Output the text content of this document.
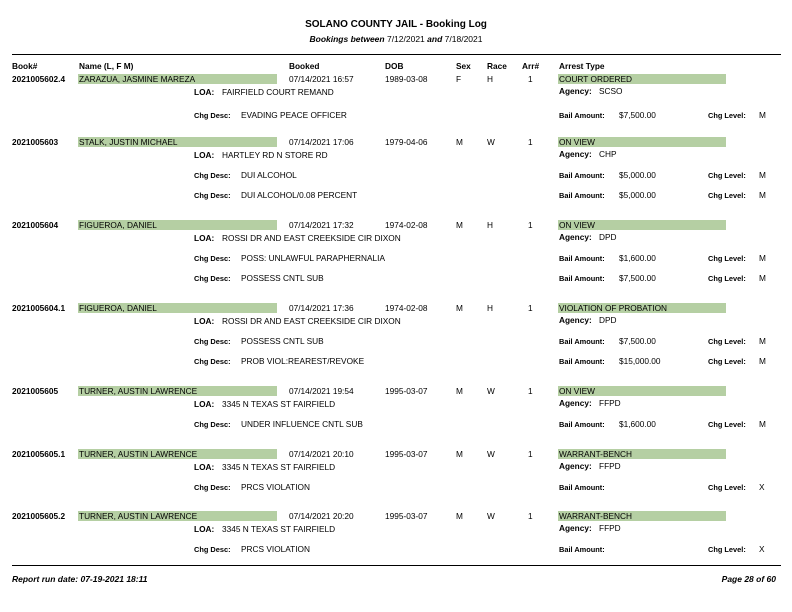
SOLANO COUNTY JAIL - Booking Log
Bookings between 7/12/2021 and 7/18/2021
Book#	Name (L, F M)	Booked	DOB	Sex Race Arr# Arrest Type
2021005602.4 ZARAZUA, JASMINE MAREZA	07/14/2021 16:57	1989-03-08	F	H	1	COURT ORDERED
LOA: FAIRFIELD COURT REMAND	Agency: SCSO
Chg Desc: EVADING PEACE OFFICER	Bail Amount: $7,500.00	Chg Level: M
2021005603	STALK, JUSTIN MICHAEL	07/14/2021 17:06	1979-04-06	M	W	1	ON VIEW
LOA: HARTLEY RD N STORE RD	Agency: CHP
Chg Desc: DUI ALCOHOL	Bail Amount: $5,000.00	Chg Level: M
Chg Desc: DUI ALCOHOL/0.08 PERCENT	Bail Amount: $5,000.00	Chg Level: M
2021005604	FIGUEROA, DANIEL	07/14/2021 17:32	1974-02-08	M	H	1	ON VIEW
LOA: ROSSI DR AND EAST CREEKSIDE CIR DIXON	Agency: DPD
Chg Desc: POSS: UNLAWFUL PARAPHERNALIA	Bail Amount: $1,600.00	Chg Level: M
Chg Desc: POSSESS CNTL SUB	Bail Amount: $7,500.00	Chg Level: M
2021005604.1 FIGUEROA, DANIEL	07/14/2021 17:36	1974-02-08	M	H	1	VIOLATION OF PROBATION
LOA: ROSSI DR AND EAST CREEKSIDE CIR DIXON	Agency: DPD
Chg Desc: POSSESS CNTL SUB	Bail Amount: $7,500.00	Chg Level: M
Chg Desc: PROB VIOL:REAREST/REVOKE	Bail Amount: $15,000.00	Chg Level: M
2021005605	TURNER, AUSTIN LAWRENCE	07/14/2021 19:54	1995-03-07	M	W	1	ON VIEW
LOA: 3345 N TEXAS ST FAIRFIELD	Agency: FFPD
Chg Desc: UNDER INFLUENCE CNTL SUB	Bail Amount: $1,600.00	Chg Level: M
2021005605.1 TURNER, AUSTIN LAWRENCE	07/14/2021 20:10	1995-03-07	M	W	1	WARRANT-BENCH
LOA: 3345 N TEXAS ST FAIRFIELD	Agency: FFPD
Chg Desc: PRCS VIOLATION	Bail Amount:	Chg Level: X
2021005605.2 TURNER, AUSTIN LAWRENCE	07/14/2021 20:20	1995-03-07	M	W	1	WARRANT-BENCH
LOA: 3345 N TEXAS ST FAIRFIELD	Agency: FFPD
Chg Desc: PRCS VIOLATION	Bail Amount:	Chg Level: X
Report run date: 07-19-2021 18:11	Page 28 of 60
